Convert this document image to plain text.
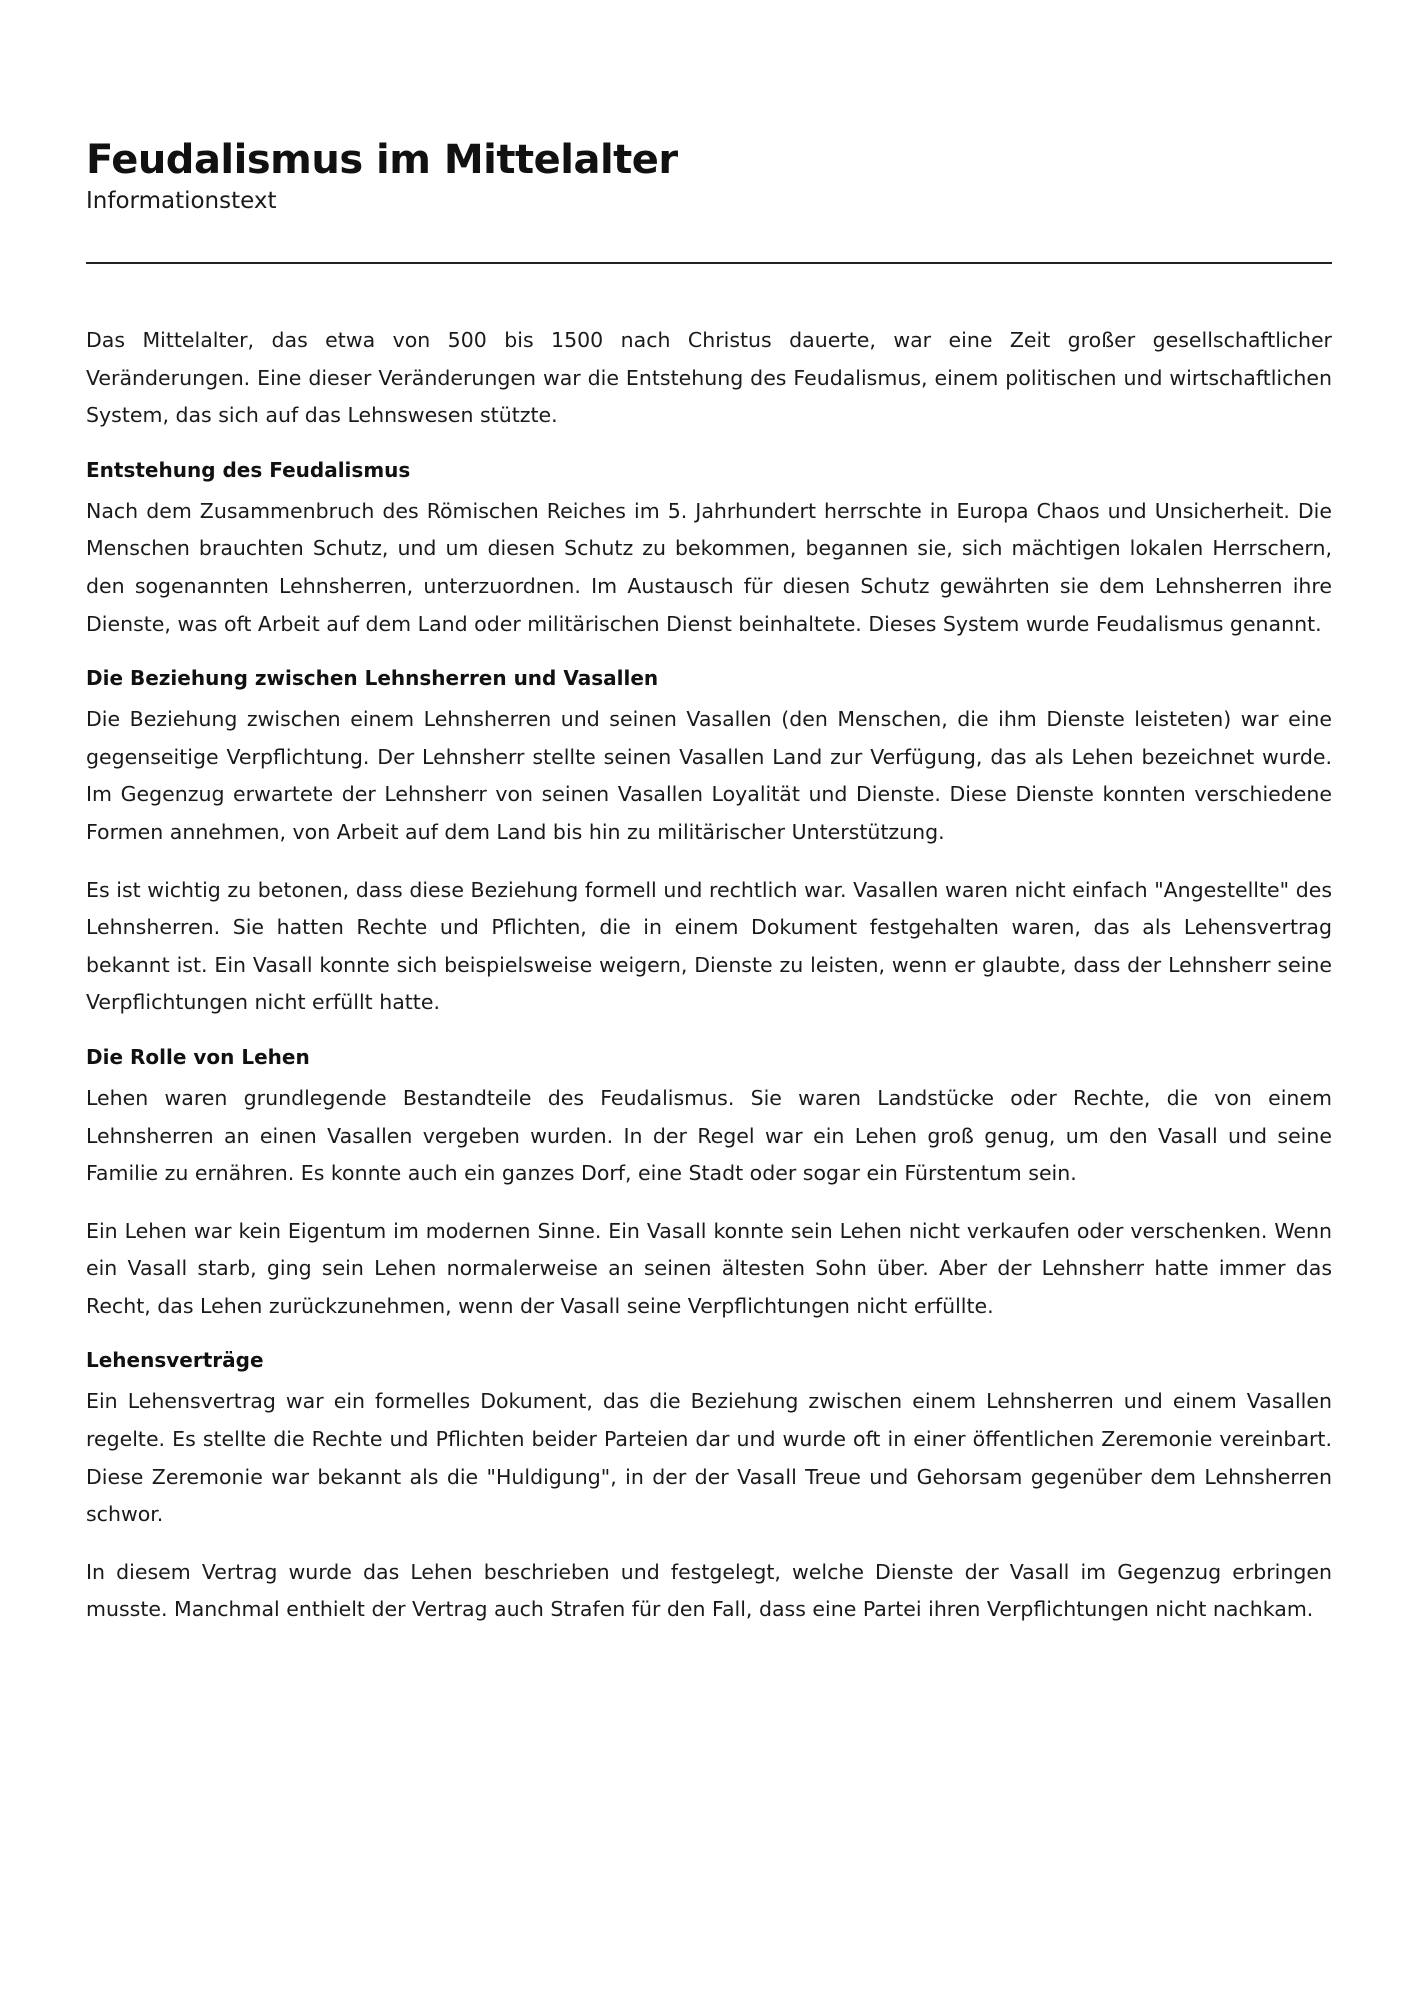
Feudalismus im Mittelalter
Informationstext

Das Mittelalter, das etwa von 500 bis 1500 nach Christus dauerte, war eine Zeit großer gesellschaftlicher Veränderungen. Eine dieser Veränderungen war die Entstehung des Feudalismus, einem politischen und wirtschaftlichen System, das sich auf das Lehnswesen stützte.

Entstehung des Feudalismus

Nach dem Zusammenbruch des Römischen Reiches im 5. Jahrhundert herrschte in Europa Chaos und Unsicherheit. Die Menschen brauchten Schutz, und um diesen Schutz zu bekommen, begannen sie, sich mächtigen lokalen Herrschern, den sogenannten Lehnsherren, unterzuordnen. Im Austausch für diesen Schutz gewährten sie dem Lehnsherren ihre Dienste, was oft Arbeit auf dem Land oder militärischen Dienst beinhaltete. Dieses System wurde Feudalismus genannt.

Die Beziehung zwischen Lehnsherren und Vasallen

Die Beziehung zwischen einem Lehnsherren und seinen Vasallen (den Menschen, die ihm Dienste leisteten) war eine gegenseitige Verpflichtung. Der Lehnsherr stellte seinen Vasallen Land zur Verfügung, das als Lehen bezeichnet wurde. Im Gegenzug erwartete der Lehnsherr von seinen Vasallen Loyalität und Dienste. Diese Dienste konnten verschiedene Formen annehmen, von Arbeit auf dem Land bis hin zu militärischer Unterstützung.

Es ist wichtig zu betonen, dass diese Beziehung formell und rechtlich war. Vasallen waren nicht einfach "Angestellte" des Lehnsherren. Sie hatten Rechte und Pflichten, die in einem Dokument festgehalten waren, das als Lehensvertrag bekannt ist. Ein Vasall konnte sich beispielsweise weigern, Dienste zu leisten, wenn er glaubte, dass der Lehnsherr seine Verpflichtungen nicht erfüllt hatte.

Die Rolle von Lehen

Lehen waren grundlegende Bestandteile des Feudalismus. Sie waren Landstücke oder Rechte, die von einem Lehnsherren an einen Vasallen vergeben wurden. In der Regel war ein Lehen groß genug, um den Vasall und seine Familie zu ernähren. Es konnte auch ein ganzes Dorf, eine Stadt oder sogar ein Fürstentum sein.

Ein Lehen war kein Eigentum im modernen Sinne. Ein Vasall konnte sein Lehen nicht verkaufen oder verschenken. Wenn ein Vasall starb, ging sein Lehen normalerweise an seinen ältesten Sohn über. Aber der Lehnsherr hatte immer das Recht, das Lehen zurückzunehmen, wenn der Vasall seine Verpflichtungen nicht erfüllte.

Lehensverträge

Ein Lehensvertrag war ein formelles Dokument, das die Beziehung zwischen einem Lehnsherren und einem Vasallen regelte. Es stellte die Rechte und Pflichten beider Parteien dar und wurde oft in einer öffentlichen Zeremonie vereinbart. Diese Zeremonie war bekannt als die "Huldigung", in der der Vasall Treue und Gehorsam gegenüber dem Lehnsherren schwor.

In diesem Vertrag wurde das Lehen beschrieben und festgelegt, welche Dienste der Vasall im Gegenzug erbringen musste. Manchmal enthielt der Vertrag auch Strafen für den Fall, dass eine Partei ihren Verpflichtungen nicht nachkam.
